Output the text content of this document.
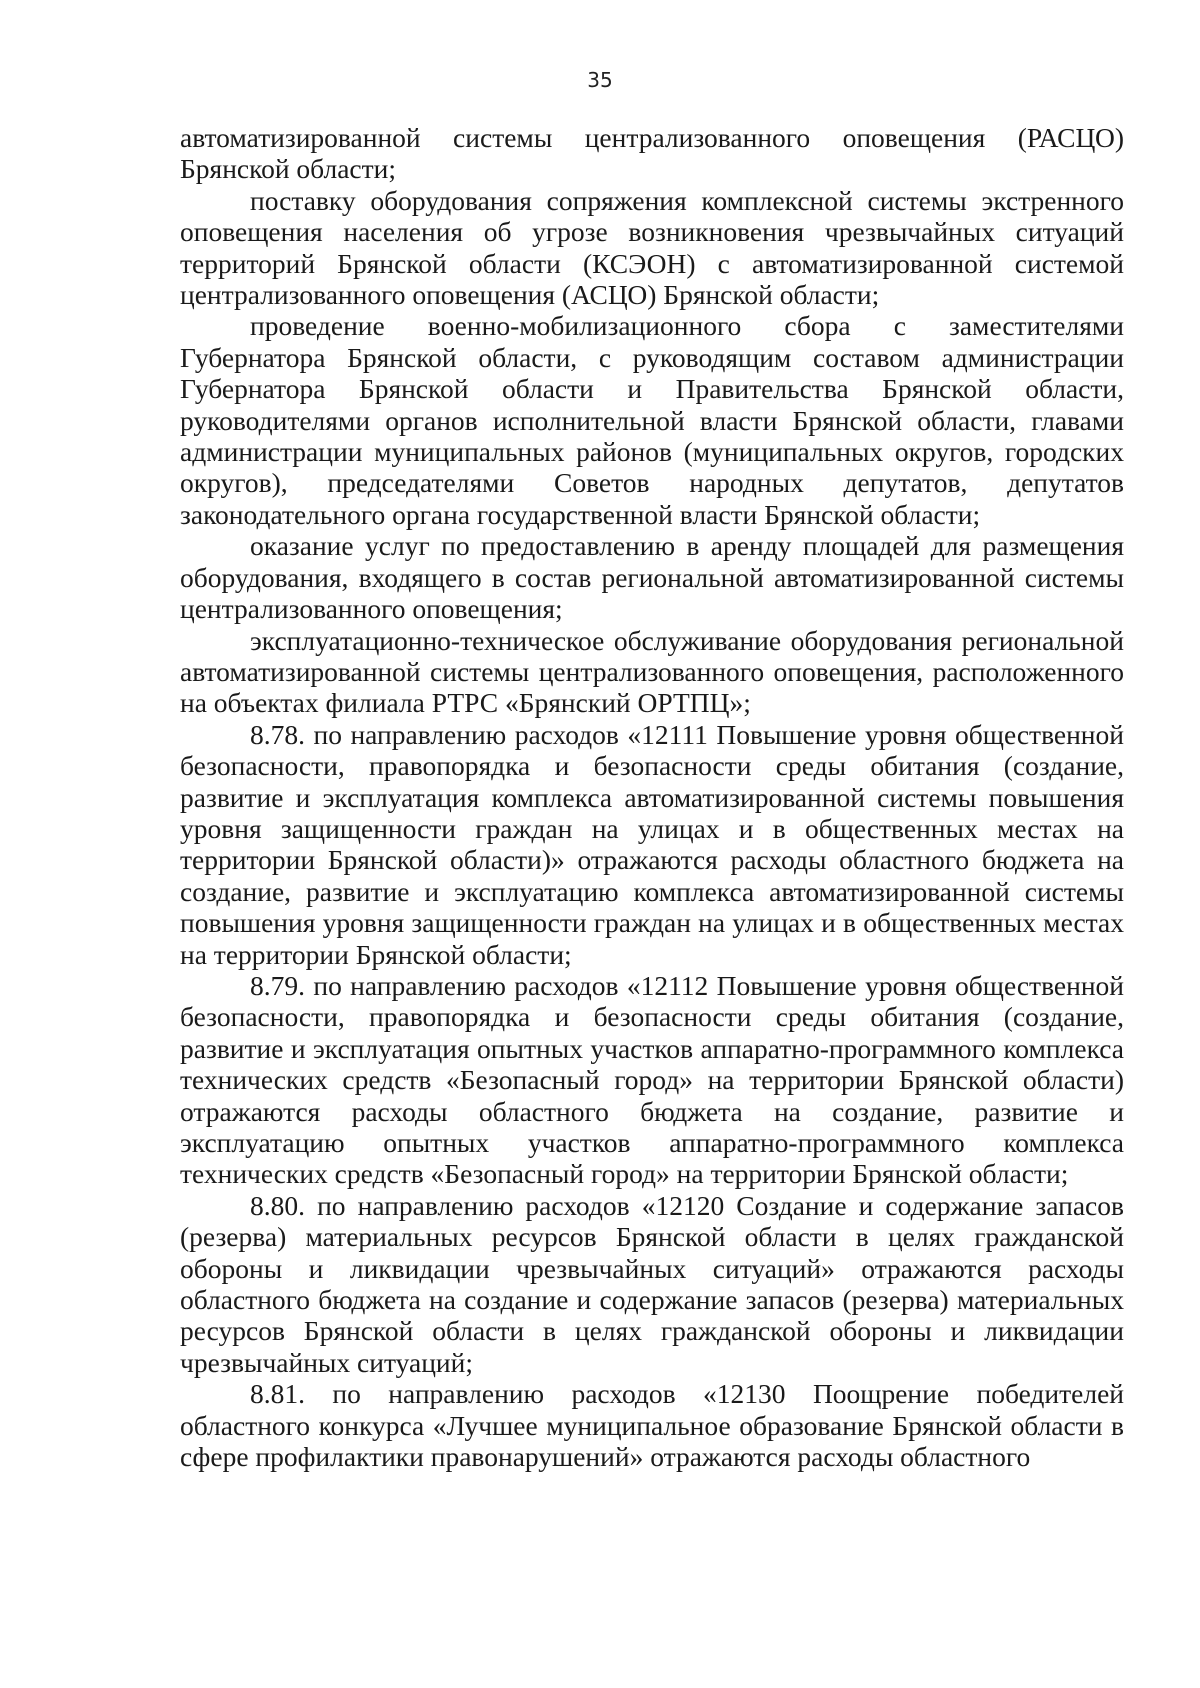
35

автоматизированной системы централизованного оповещения (РАСЦО) Брянской области;

поставку оборудования сопряжения комплексной системы экстренного оповещения населения об угрозе возникновения чрезвычайных ситуаций территорий Брянской области (КСЭОН) с автоматизированной системой централизованного оповещения (АСЦО) Брянской области;

проведение военно-мобилизационного сбора с заместителями Губернатора Брянской области, с руководящим составом администрации Губернатора Брянской области и Правительства Брянской области, руководителями органов исполнительной власти Брянской области, главами администрации муниципальных районов (муниципальных округов, городских округов), председателями Советов народных депутатов, депутатов законодательного органа государственной власти Брянской области;

оказание услуг по предоставлению в аренду площадей для размещения оборудования, входящего в состав региональной автоматизированной системы централизованного оповещения;

эксплуатационно-техническое обслуживание оборудования региональной автоматизированной системы централизованного оповещения, расположенного на объектах филиала РТРС «Брянский ОРТПЦ»;

8.78. по направлению расходов «12111 Повышение уровня общественной безопасности, правопорядка и безопасности среды обитания (создание, развитие и эксплуатация комплекса автоматизированной системы повышения уровня защищенности граждан на улицах и в общественных местах на территории Брянской области)» отражаются расходы областного бюджета на создание, развитие и эксплуатацию комплекса автоматизированной системы повышения уровня защищенности граждан на улицах и в общественных местах на территории Брянской области;

8.79. по направлению расходов «12112 Повышение уровня общественной безопасности, правопорядка и безопасности среды обитания (создание, развитие и эксплуатация опытных участков аппаратно-программного комплекса технических средств «Безопасный город» на территории Брянской области) отражаются расходы областного бюджета на создание, развитие и эксплуатацию опытных участков аппаратно-программного комплекса технических средств «Безопасный город» на территории Брянской области;

8.80. по направлению расходов «12120 Создание и содержание запасов (резерва) материальных ресурсов Брянской области в целях гражданской обороны и ликвидации чрезвычайных ситуаций» отражаются расходы областного бюджета на создание и содержание запасов (резерва) материальных ресурсов Брянской области в целях гражданской обороны и ликвидации чрезвычайных ситуаций;

8.81. по направлению расходов «12130 Поощрение победителей областного конкурса «Лучшее муниципальное образование Брянской области в сфере профилактики правонарушений» отражаются расходы областного
